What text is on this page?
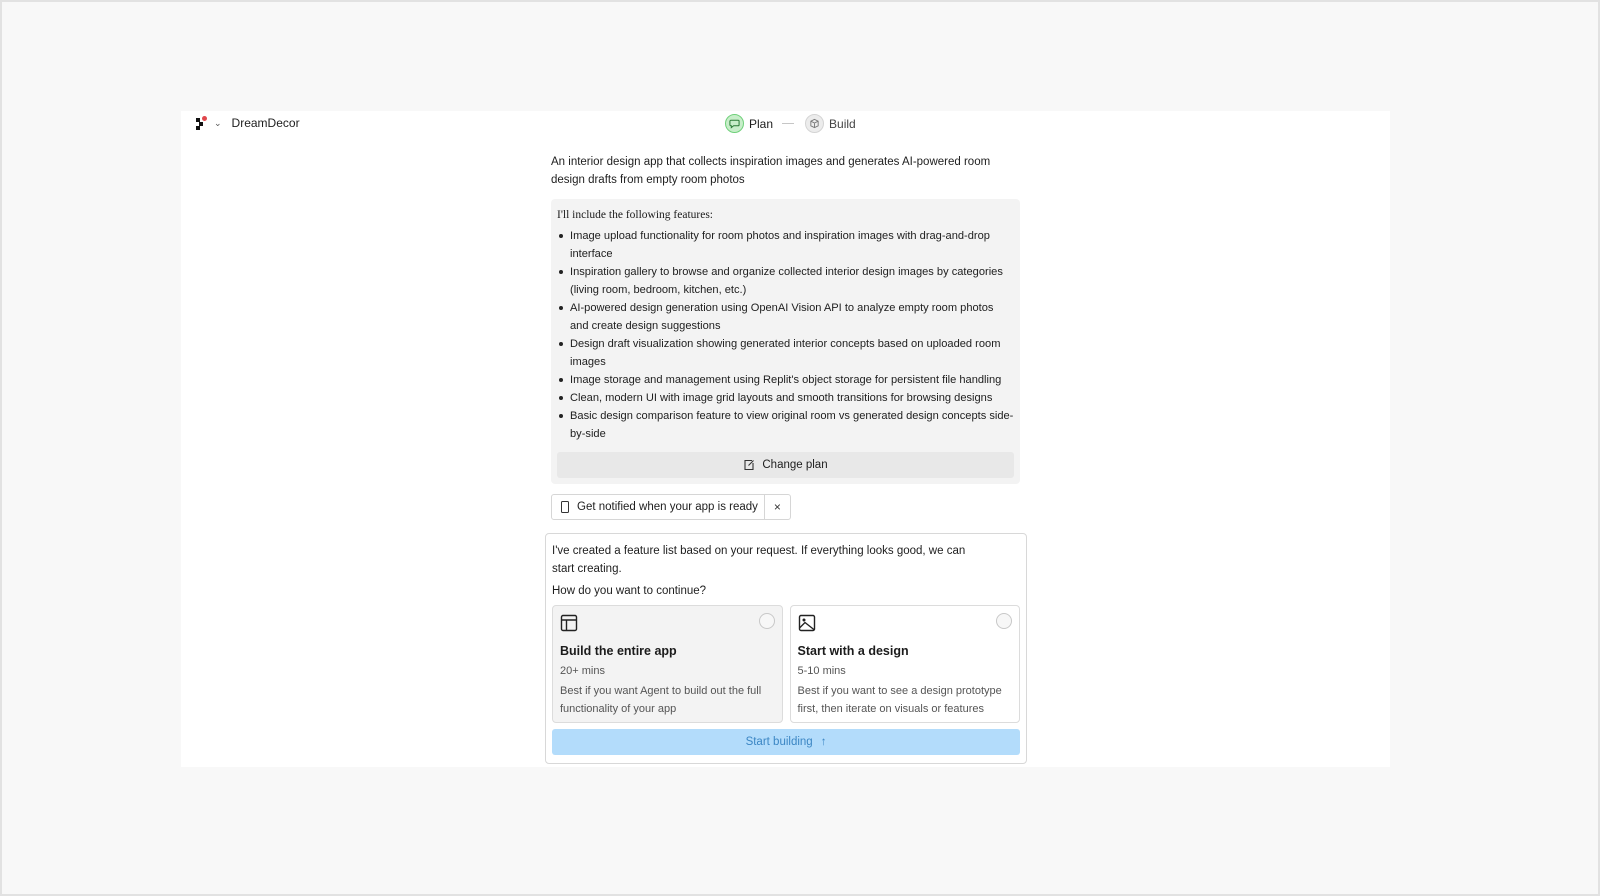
⌄ DreamDecor	Plan	Build
An interior design app that collects inspiration images and generates AI-powered room design drafts from empty room photos
I'll include the following features:
Image upload functionality for room photos and inspiration images with drag-and-drop interface
Inspiration gallery to browse and organize collected interior design images by categories (living room, bedroom, kitchen, etc.)
AI-powered design generation using OpenAI Vision API to analyze empty room photos and create design suggestions
Design draft visualization showing generated interior concepts based on uploaded room images
Image storage and management using Replit's object storage for persistent file handling
Clean, modern UI with image grid layouts and smooth transitions for browsing designs
Basic design comparison feature to view original room vs generated design concepts side-by-side
Change plan
Get notified when your app is ready	×
I've created a feature list based on your request. If everything looks good, we can start creating.
How do you want to continue?
Build the entire app
20+ mins
Best if you want Agent to build out the full functionality of your app
Start with a design
5-10 mins
Best if you want to see a design prototype first, then iterate on visuals or features
Start building ↑
